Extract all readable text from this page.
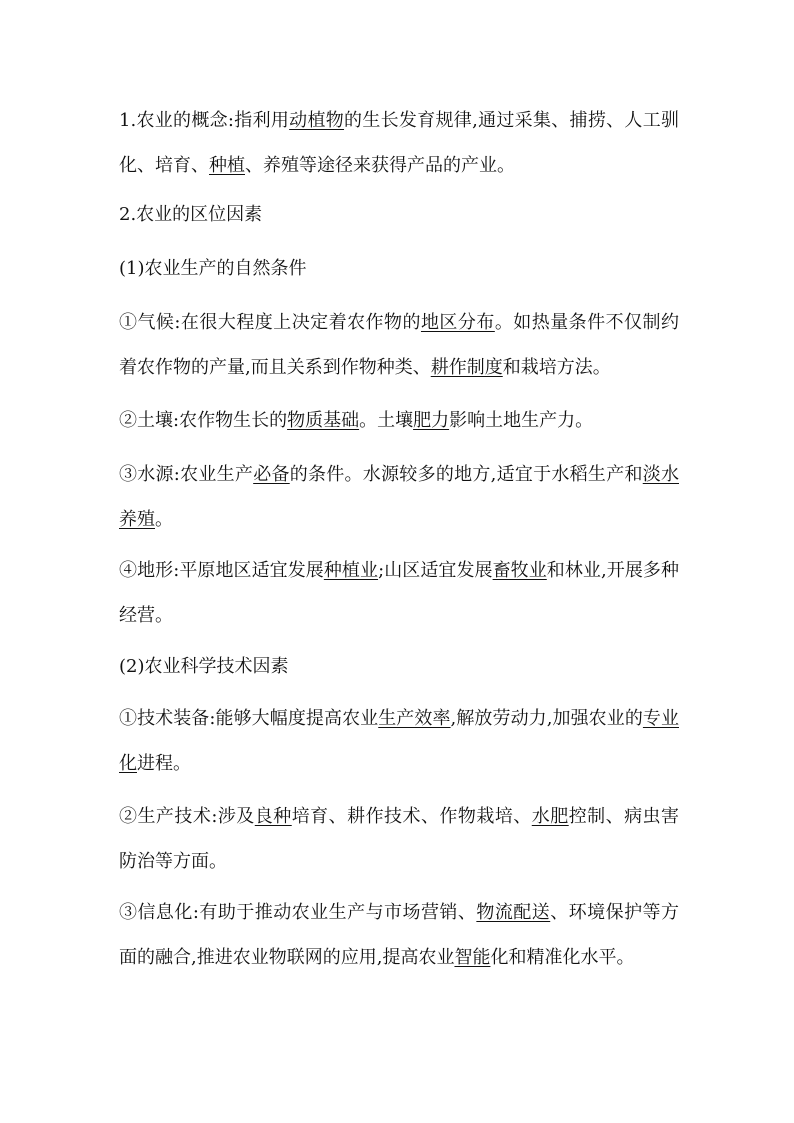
1.农业的概念:指利用动植物的生长发育规律,通过采集、捕捞、人工驯化、培育、种植、养殖等途径来获得产品的产业。

2.农业的区位因素

(1)农业生产的自然条件

①气候:在很大程度上决定着农作物的地区分布。如热量条件不仅制约着农作物的产量,而且关系到作物种类、耕作制度和栽培方法。

②土壤:农作物生长的物质基础。土壤肥力影响土地生产力。

③水源:农业生产必备的条件。水源较多的地方,适宜于水稻生产和淡水养殖。

④地形:平原地区适宜发展种植业;山区适宜发展畜牧业和林业,开展多种经营。

(2)农业科学技术因素

①技术装备:能够大幅度提高农业生产效率,解放劳动力,加强农业的专业化进程。

②生产技术:涉及良种培育、耕作技术、作物栽培、水肥控制、病虫害防治等方面。

③信息化:有助于推动农业生产与市场营销、物流配送、环境保护等方面的融合,推进农业物联网的应用,提高农业智能化和精准化水平。
